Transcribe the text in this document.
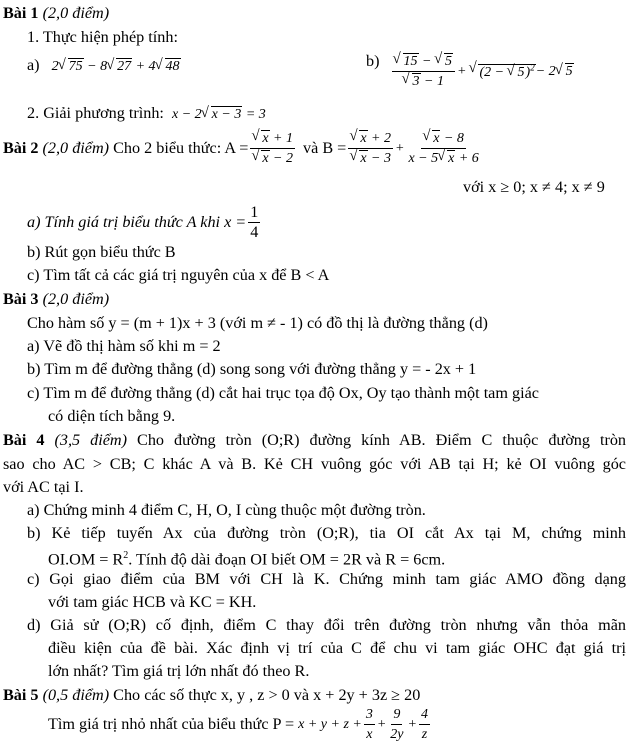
Bài 1 (2,0 điểm)
1. Thực hiện phép tính:
a) 2 √ 75 − 8 √ 27 + 4 √ 48	b) √ 15 − √ 5
√ 3 − 1 + √ (2 − √ 5)$^2$ − 2 √ 5
2. Giải phương trình: x − 2 √ x − 3 = 3
Bài 2 (2,0 điểm) Cho 2 biểu thức: A = √ x + 1
√ x − 2 và B = √ x + 2
√ x − 3 + √ $\frac{x - 8}{x - 5 √ x + 6}$
với x ≥ 0; x ≠ 4; x ≠ 9
a) Tính giá trị biểu thức A khi $x = \frac{1}{4}$
b) Rút gọn biểu thức B
c) Tìm tất cả các giá trị nguyên của x để B < A
Bài 3 (2,0 điểm)
Cho hàm số y = (m + 1)x + 3 (với m ≠ - 1) có đồ thị là đường thẳng (d)
a) Vẽ đồ thị hàm số khi m = 2
b) Tìm m để đường thẳng (d) song song với đường thẳng y = - 2x + 1
c) Tìm m để đường thẳng (d) cắt hai trục tọa độ Ox, Oy tạo thành một tam giác
có diện tích bằng 9.
Bài 4 (3,5 điểm) Cho đường tròn (O;R) đường kính AB. Điểm C thuộc đường tròn
sao cho AC > CB; C khác A và B. Kẻ CH vuông góc với AB tại H; kẻ OI vuông góc
với AC tại I.
a) Chứng minh 4 điểm C, H, O, I cùng thuộc một đường tròn.
b) Kẻ tiếp tuyến Ax của đường tròn (O;R), tia OI cắt Ax tại M, chứng minh
$OI.OM = R^2$. Tính độ dài đoạn OI biết OM = 2R và R = 6cm.
c) Gọi giao điểm của BM với CH là K. Chứng minh tam giác AMO đồng dạng
với tam giác HCB và KC = KH.
d) Giả sử (O;R) cố định, điểm C thay đổi trên đường tròn nhưng vẫn thỏa mãn
điều kiện của đề bài. Xác định vị trí của C để chu vi tam giác OHC đạt giá trị
lớn nhất? Tìm giá trị lớn nhất đó theo R.
Bài 5 (0,5 điểm) Cho các số thực x, y , z > 0 và x + 2y + 3z ≥ 20
Tìm giá trị nhỏ nhất của biểu thức $P = x + y + z + \frac{3}{x} + \frac{9}{2y} + \frac{4}{z}$
